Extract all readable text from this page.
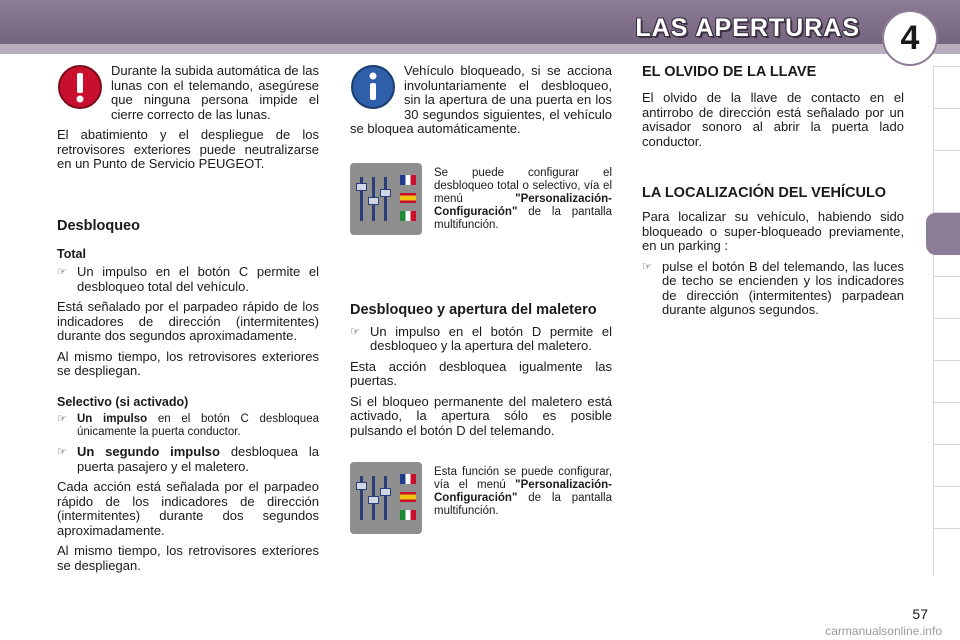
LAS APERTURAS	4

Durante la subida automática de las lunas con el telemando, asegúrese que ninguna persona impide el cierre correcto de las lunas.

El abatimiento y el despliegue de los retrovisores exteriores puede neutralizarse en un Punto de Servicio PEUGEOT.

Desbloqueo
Total
☞ Un impulso en el botón C permite el desbloqueo total del vehículo.

Está señalado por el parpadeo rápido de los indicadores de dirección (intermitentes) durante dos segundos aproximadamente.

Al mismo tiempo, los retrovisores exteriores se despliegan.

Selectivo (si activado)
☞ Un impulso en el botón C desbloquea únicamente la puerta conductor.
☞ Un segundo impulso desbloquea la puerta pasajero y el maletero.

Cada acción está señalada por el parpadeo rápido de los indicadores de dirección (intermitentes) durante dos segundos aproximadamente.

Al mismo tiempo, los retrovisores exteriores se despliegan.

Vehículo bloqueado, si se acciona involuntariamente el desbloqueo, sin la apertura de una puerta en los 30 segundos siguientes, el vehículo se bloquea automáticamente.

Se puede configurar el desbloqueo total o selectivo, vía el menú	"Personalización-Configuración" de la pantalla multifunción.

Desbloqueo y apertura del maletero
☞ Un impulso en el botón D permite el desbloqueo y la apertura del maletero.

Esta acción desbloquea igualmente las puertas.

Si el bloqueo permanente del maletero está activado, la apertura sólo es posible pulsando el botón D del telemando.

Esta función se puede configurar, vía el menú "Personalización-Configuración" de la pantalla multifunción.

EL OLVIDO DE LA LLAVE

El olvido de la llave de contacto en el antirrobo de dirección está señalado por un avisador sonoro al abrir la puerta lado conductor.

LA LOCALIZACIÓN DEL VEHÍCULO

Para localizar su vehículo, habiendo sido bloqueado o super-bloqueado previamente, en un parking :

☞ pulse el botón B del telemando, las luces de techo se encienden y los indicadores de dirección (intermitentes) parpadean durante algunos segundos.
57
carmanualsonline.info
